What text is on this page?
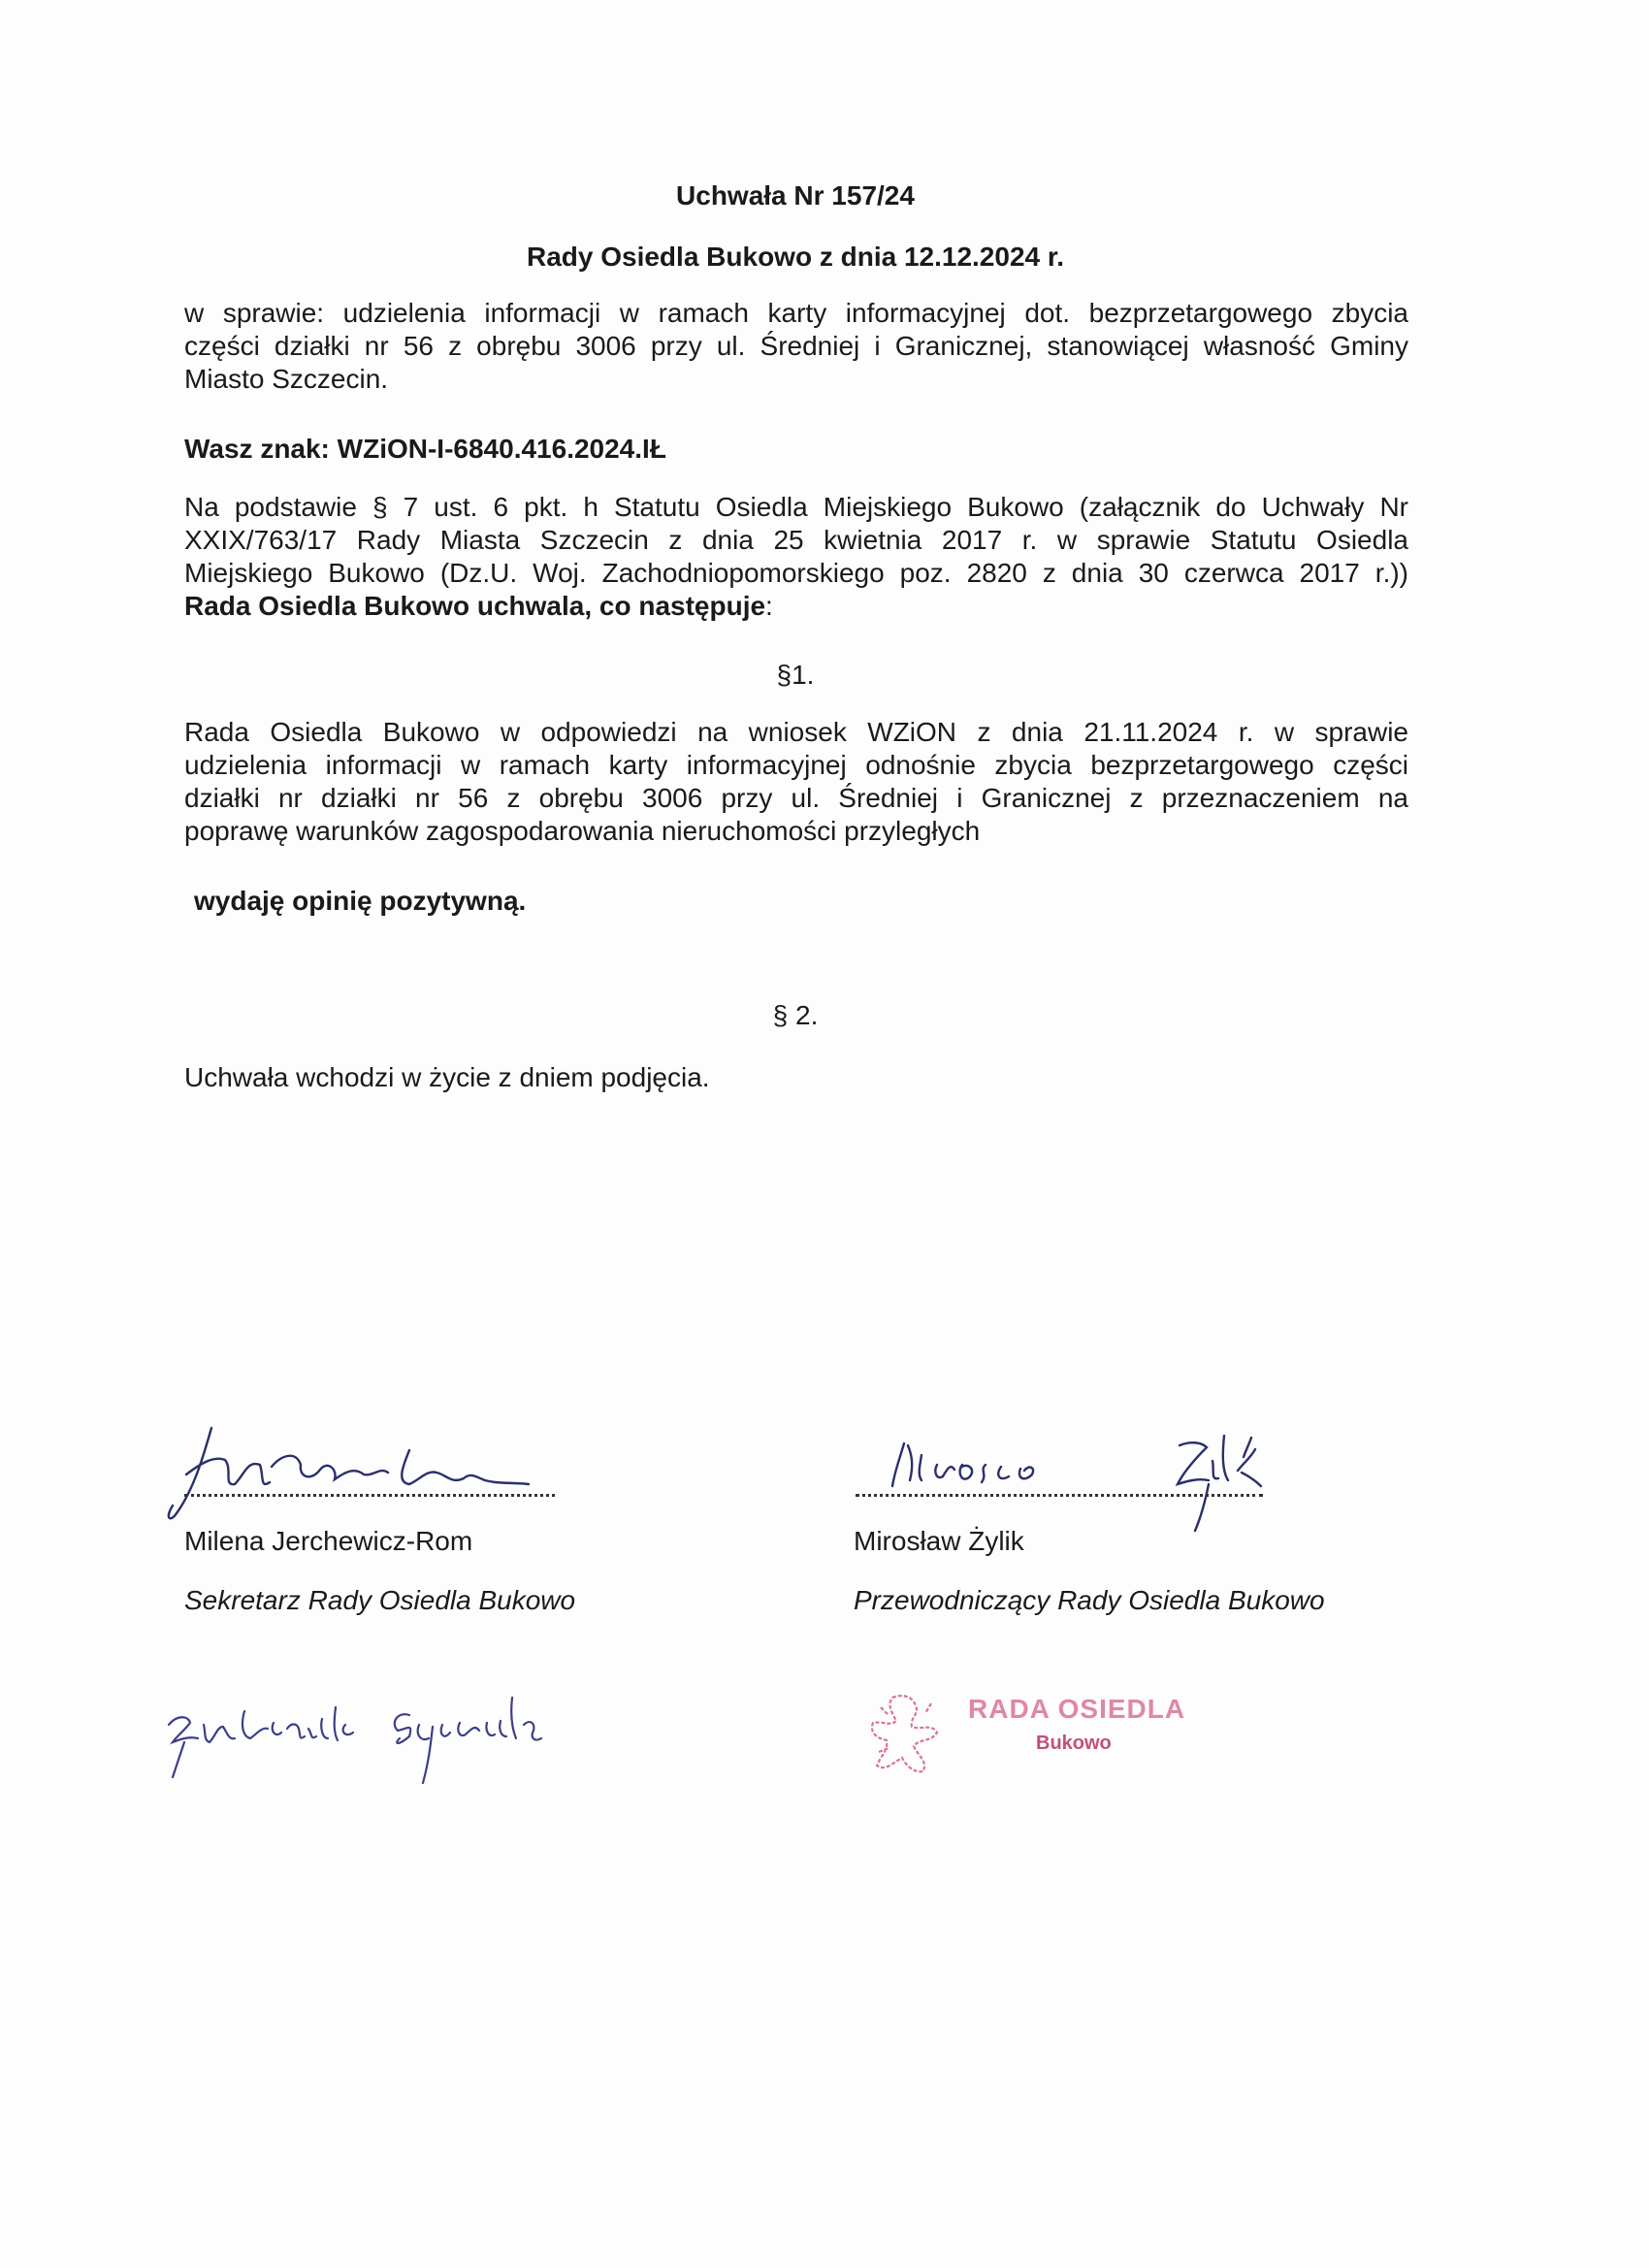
Uchwała Nr 157/24
Rady Osiedla Bukowo z dnia 12.12.2024 r.
w sprawie: udzielenia informacji w ramach karty informacyjnej dot. bezprzetargowego zbycia
części działki nr 56 z obrębu 3006 przy ul. Średniej i Granicznej, stanowiącej własność Gminy
Miasto Szczecin.
Wasz znak: WZiON-I-6840.416.2024.IŁ
Na podstawie § 7 ust. 6 pkt. h Statutu Osiedla Miejskiego Bukowo (załącznik do Uchwały Nr
XXIX/763/17 Rady Miasta Szczecin z dnia 25 kwietnia 2017 r. w sprawie Statutu Osiedla
Miejskiego Bukowo (Dz.U. Woj. Zachodniopomorskiego poz. 2820 z dnia 30 czerwca 2017 r.))
Rada Osiedla Bukowo uchwala, co następuje:
§1.
Rada Osiedla Bukowo w odpowiedzi na wniosek WZiON z dnia 21.11.2024 r. w sprawie
udzielenia informacji w ramach karty informacyjnej odnośnie zbycia bezprzetargowego części
działki nr działki nr 56 z obrębu 3006 przy ul. Średniej i Granicznej z przeznaczeniem na
poprawę warunków zagospodarowania nieruchomości przyległych
wydaję opinię pozytywną.
§ 2.
Uchwała wchodzi w życie z dniem podjęcia.
Milena Jerchewicz-Rom
Sekretarz Rady Osiedla Bukowo
Mirosław Żylik
Przewodniczący Rady Osiedla Bukowo
RADA OSIEDLA
Bukowo
